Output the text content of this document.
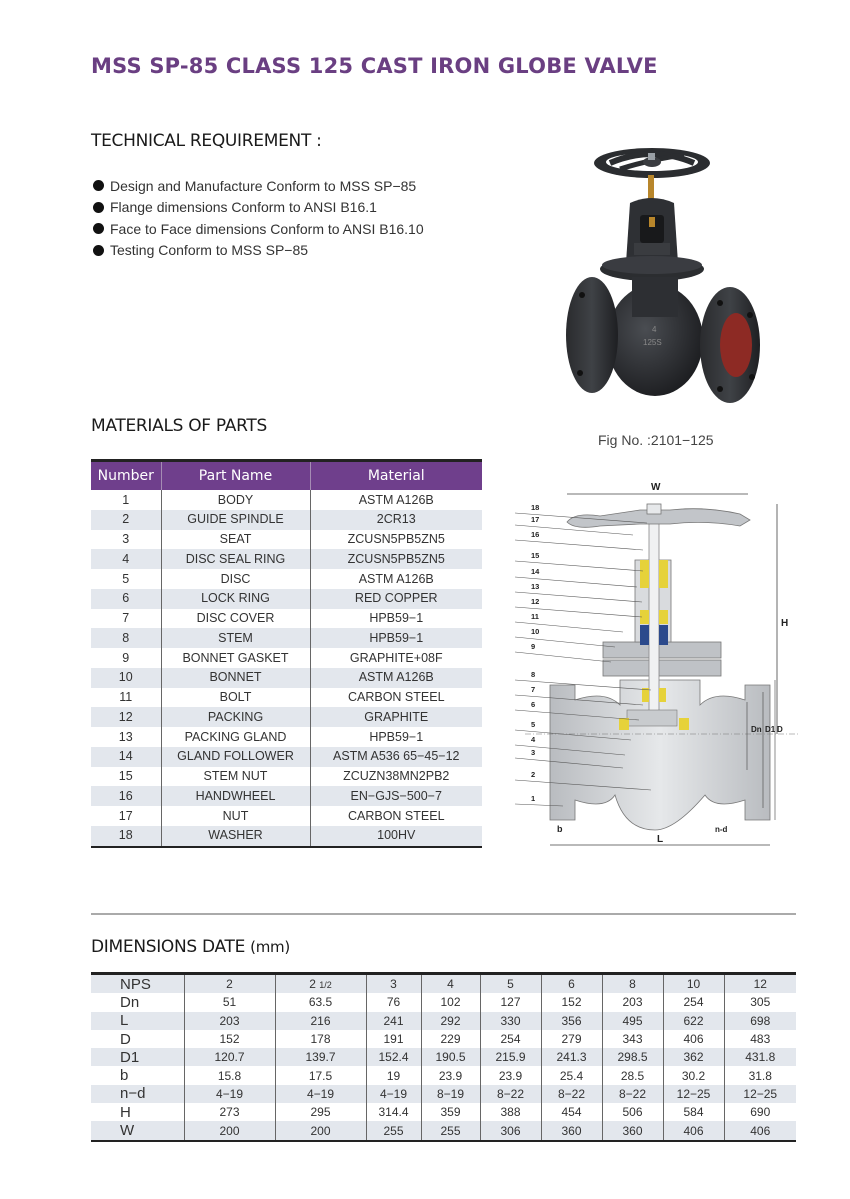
MSS SP-85 CLASS 125 CAST IRON GLOBE VALVE
TECHNICAL REQUIREMENT :
Design and Manufacture Conform to MSS SP−85
Flange dimensions Conform to ANSI B16.1
Face to Face dimensions Conform to ANSI B16.10
Testing Conform to MSS SP−85
4
125S
Fig No. :2101−125
MATERIALS OF PARTS
Number	Part Name	Material
1	BODY	ASTM A126B
2	GUIDE SPINDLE	2CR13
3	SEAT	ZCUSN5PB5ZN5
4	DISC SEAL RING	ZCUSN5PB5ZN5
5	DISC	ASTM A126B
6	LOCK RING	RED COPPER
7	DISC COVER	HPB59−1
8	STEM	HPB59−1
9	BONNET GASKET	GRAPHITE+08F
10	BONNET	ASTM A126B
11	BOLT	CARBON STEEL
12	PACKING	GRAPHITE
13	PACKING GLAND	HPB59−1
14	GLAND FOLLOWER	ASTM A536 65−45−12
15	STEM NUT	ZCUZN38MN2PB2
16	HANDWHEEL	EN−GJS−500−7
17	NUT	CARBON STEEL
18	WASHER	100HV
W
H
L
b	n-d
Dn D1 D
18
17
16
15
14
13
12
11
10
9
8
7
6
5
4
3
2
1
DIMENSIONS DATE (mm)
NPS	2	2 1/2	3	4	5	6	8	10	12
Dn	51	63.5	76	102	127	152	203	254	305
L	203	216	241	292	330	356	495	622	698
D	152	178	191	229	254	279	343	406	483
D1	120.7	139.7	152.4	190.5	215.9	241.3	298.5	362	431.8
b	15.8	17.5	19	23.9	23.9	25.4	28.5	30.2	31.8
n−d	4−19	4−19	4−19	8−19	8−22	8−22	8−22	12−25	12−25
H	273	295	314.4	359	388	454	506	584	690
W	200	200	255	255	306	360	360	406	406
